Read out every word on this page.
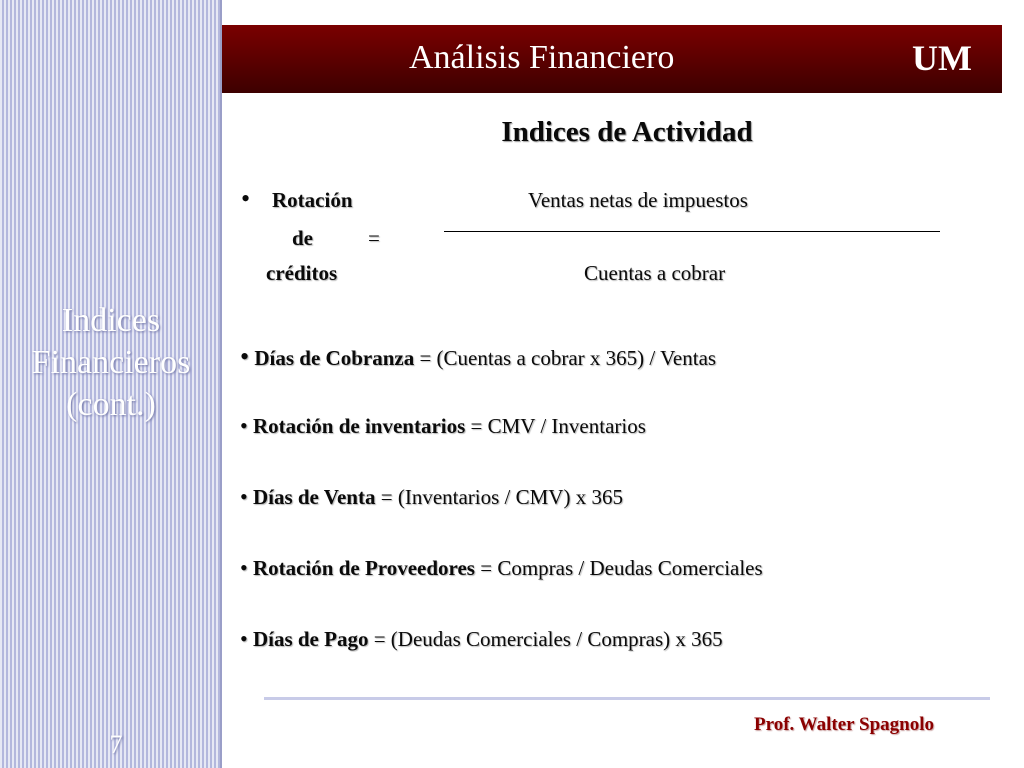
Indices
Financieros
(cont.)
7
Análisis Financiero	UM
Indices de Actividad
• Rotación
de	=
créditos
Ventas netas de impuestos
Cuentas a cobrar
• Días de Cobranza = (Cuentas a cobrar x 365) / Ventas
• Rotación de inventarios = CMV / Inventarios
• Días de Venta = (Inventarios / CMV) x 365
• Rotación de Proveedores = Compras / Deudas Comerciales
• Días de Pago = (Deudas Comerciales / Compras) x 365
Prof. Walter Spagnolo
